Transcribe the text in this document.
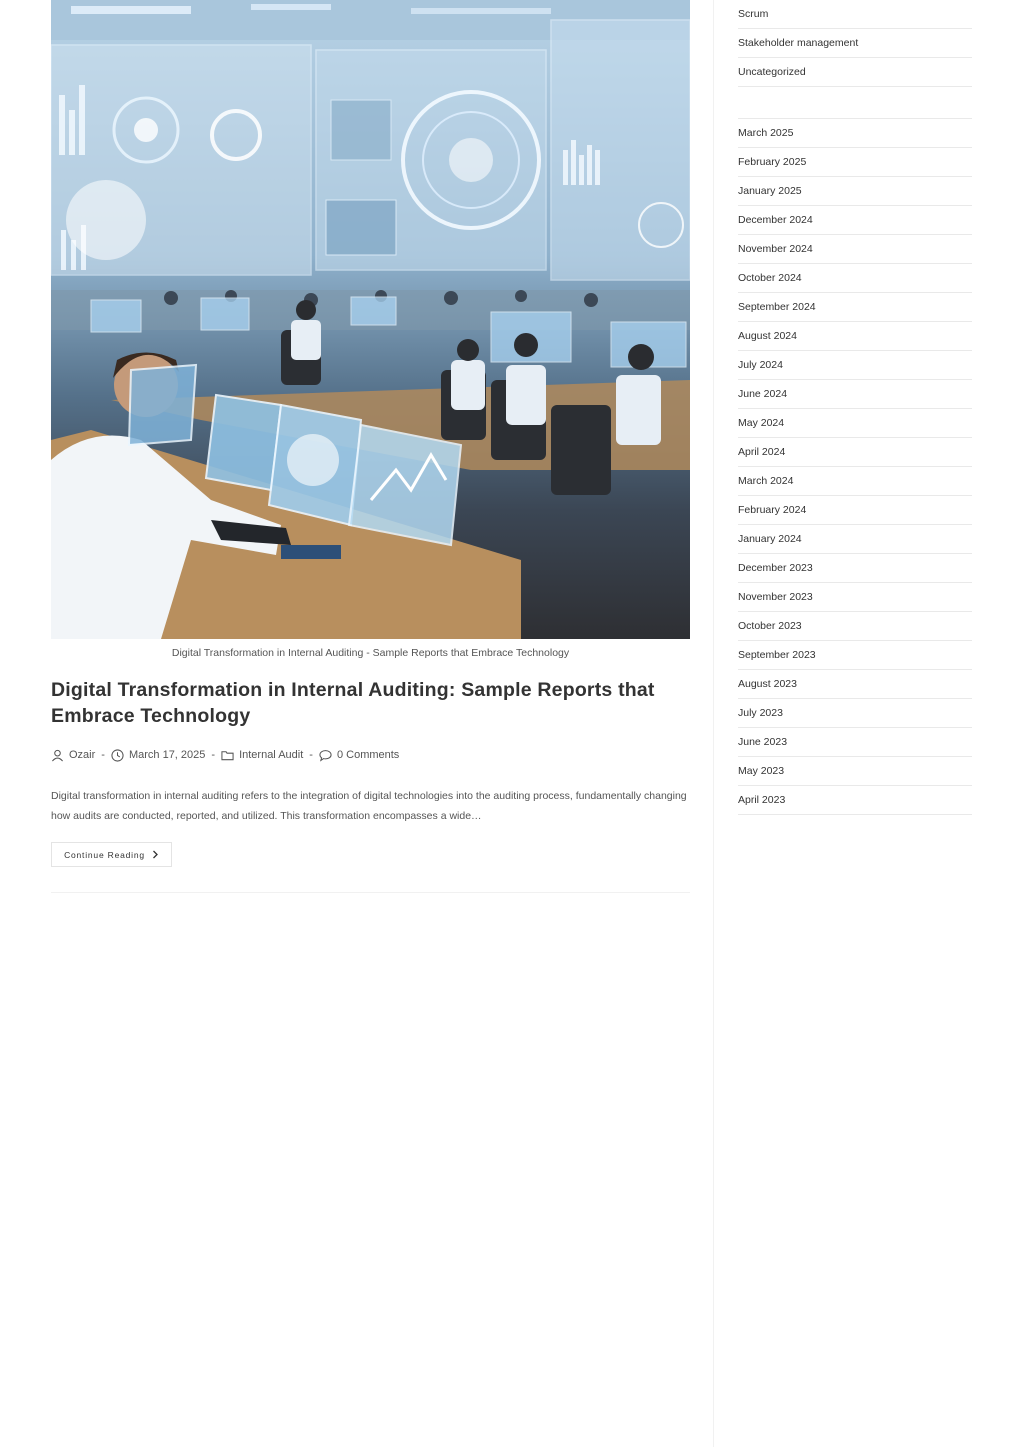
Digital Transformation in Internal Auditing - Sample Reports that Embrace Technology
Digital Transformation in Internal Auditing: Sample Reports that Embrace Technology
Ozair - March 17, 2025 - Internal Audit - 0 Comments

Digital transformation in internal auditing refers to the integration of digital technologies into the auditing process, fundamentally changing how audits are conducted, reported, and utilized. This transformation encompasses a wide…

Continue Reading
Scrum
Stakeholder management
Uncategorized
March 2025
February 2025
January 2025
December 2024
November 2024
October 2024
September 2024
August 2024
July 2024
June 2024
May 2024
April 2024
March 2024
February 2024
January 2024
December 2023
November 2023
October 2023
September 2023
August 2023
July 2023
June 2023
May 2023
April 2023
